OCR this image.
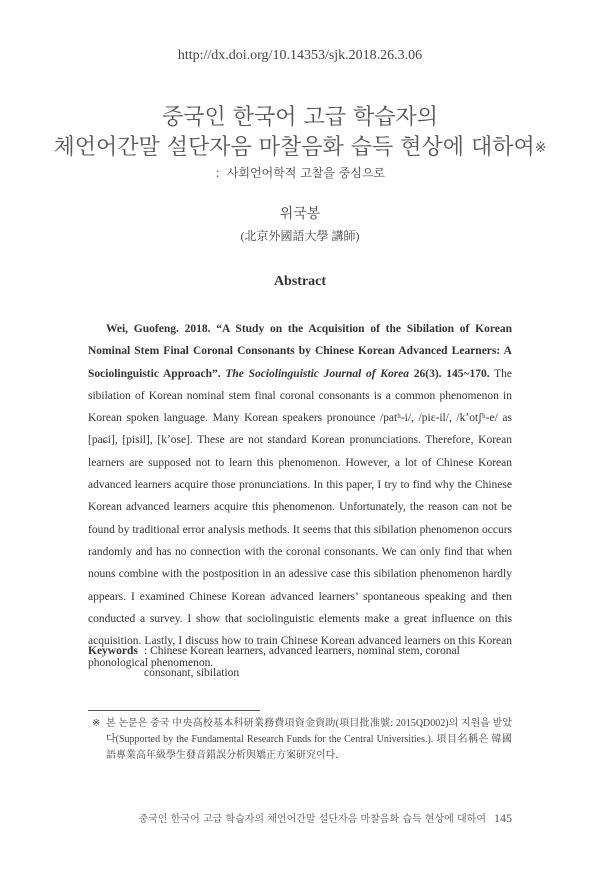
http://dx.doi.org/10.14353/sjk.2018.26.3.06
중국인 한국어 고급 학습자의
체언어간말 설단자음 마찰음화 습득 현상에 대하여※
：사회언어학적 고찰을 중심으로
위국봉
(北京外國語大學 講師)
Abstract

Wei, Guofeng. 2018. “A Study on the Acquisition of the Sibilation of Korean Nominal Stem Final Coronal Consonants by Chinese Korean Advanced Learners: A Sociolinguistic Approach”. The Sociolinguistic Journal of Korea 26(3). 145~170. The sibilation of Korean nominal stem final coronal consonants is a common phenomenon in Korean spoken language. Many Korean speakers pronounce /patʰ-i/, /piɛ-il/, /kʼotʃʰ-e/ as [paɕi], [pisil], [kʼose]. These are not standard Korean pronunciations. Therefore, Korean learners are supposed not to learn this phenomenon. However, a lot of Chinese Korean advanced learners acquire those pronunciations. In this paper, I try to find why the Chinese Korean advanced learners acquire this phenomenon. Unfortunately, the reason can not be found by traditional error analysis methods. It seems that this sibilation phenomenon occurs randomly and has no connection with the coronal consonants. We can only find that when nouns combine with the postposition in an adessive case this sibilation phenomenon hardly appears. I examined Chinese Korean advanced learners’ spontaneous speaking and then conducted a survey. I show that sociolinguistic elements make a great influence on this acquisition. Lastly, I discuss how to train Chinese Korean advanced learners on this Korean phonological phenomenon.

Keywords : Chinese Korean learners, advanced learners, nominal stem, coronal consonant, sibilation
※ 본 논문은 중국 中央高校基本科研業務費項資金資助(項目批准號: 2015QD002)의 지원을 받았다(Supported by the Fundamental Research Funds for the Central Universities.). 項目名稱은 韓國語專業高年級學生發音錯誤分析與矯正方案研究이다.
중국인 한국어 고급 학습자의 체언어간말 설단자음 마찰음화 습득 현상에 대하여 145
